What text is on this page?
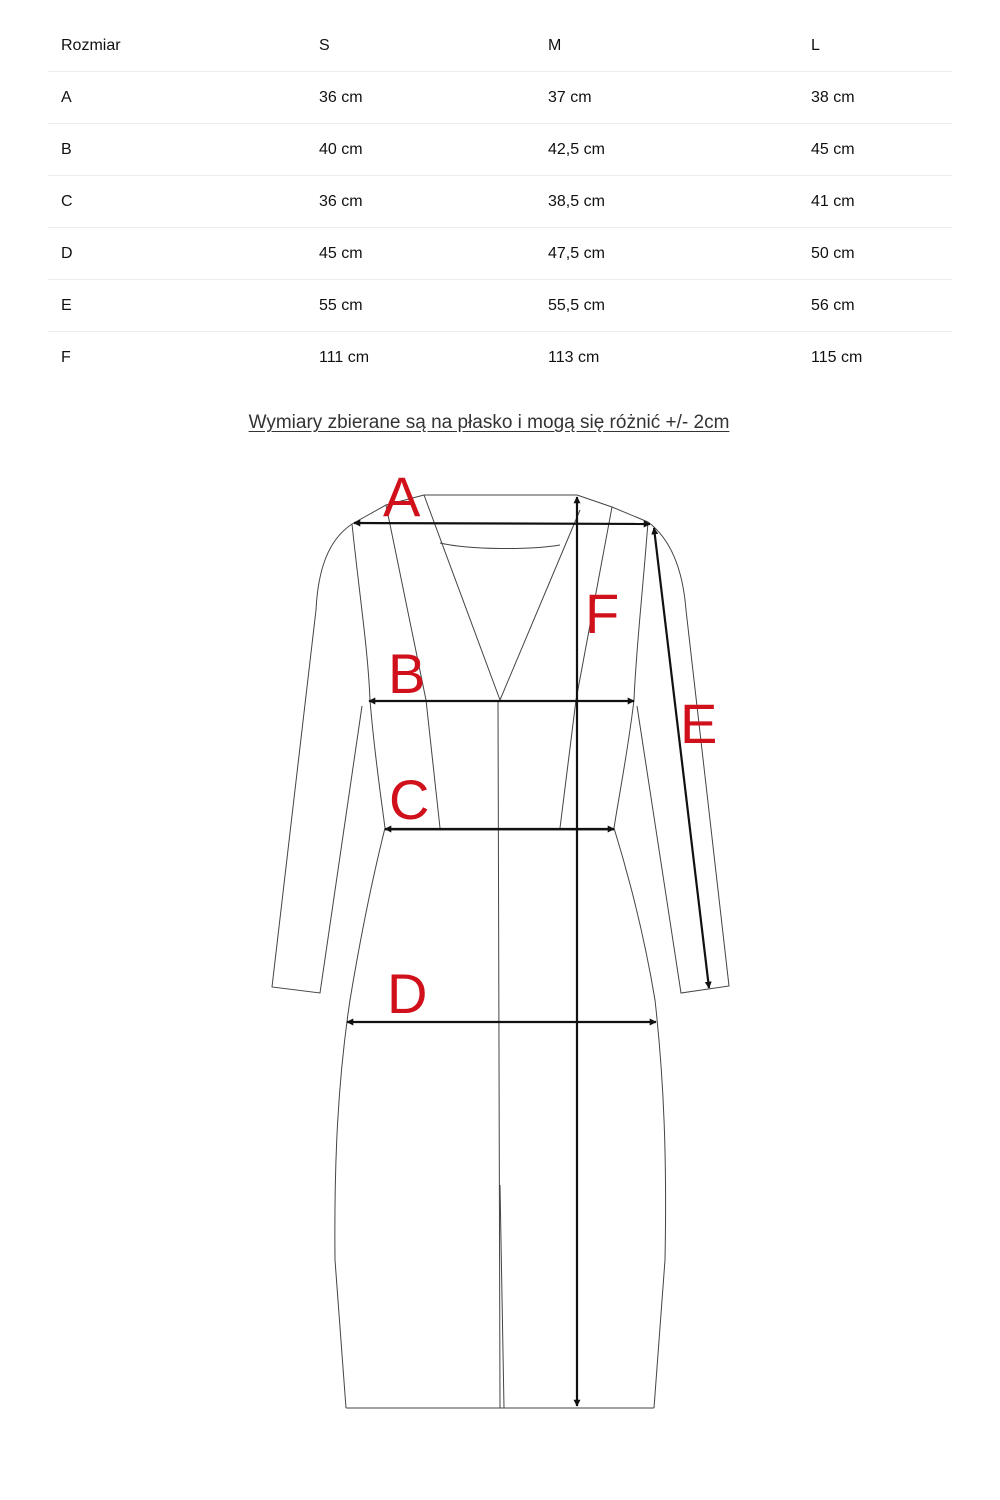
Rozmiar	S	M	L
A	36 cm	37 cm	38 cm
B	40 cm	42,5 cm	45 cm
C	36 cm	38,5 cm	41 cm
D	45 cm	47,5 cm	50 cm
E	55 cm	55,5 cm	56 cm
F	111 cm	113 cm	115 cm
Wymiary zbierane są na płasko i mogą się różnić +/- 2cm
A
B
C
D
E
F
